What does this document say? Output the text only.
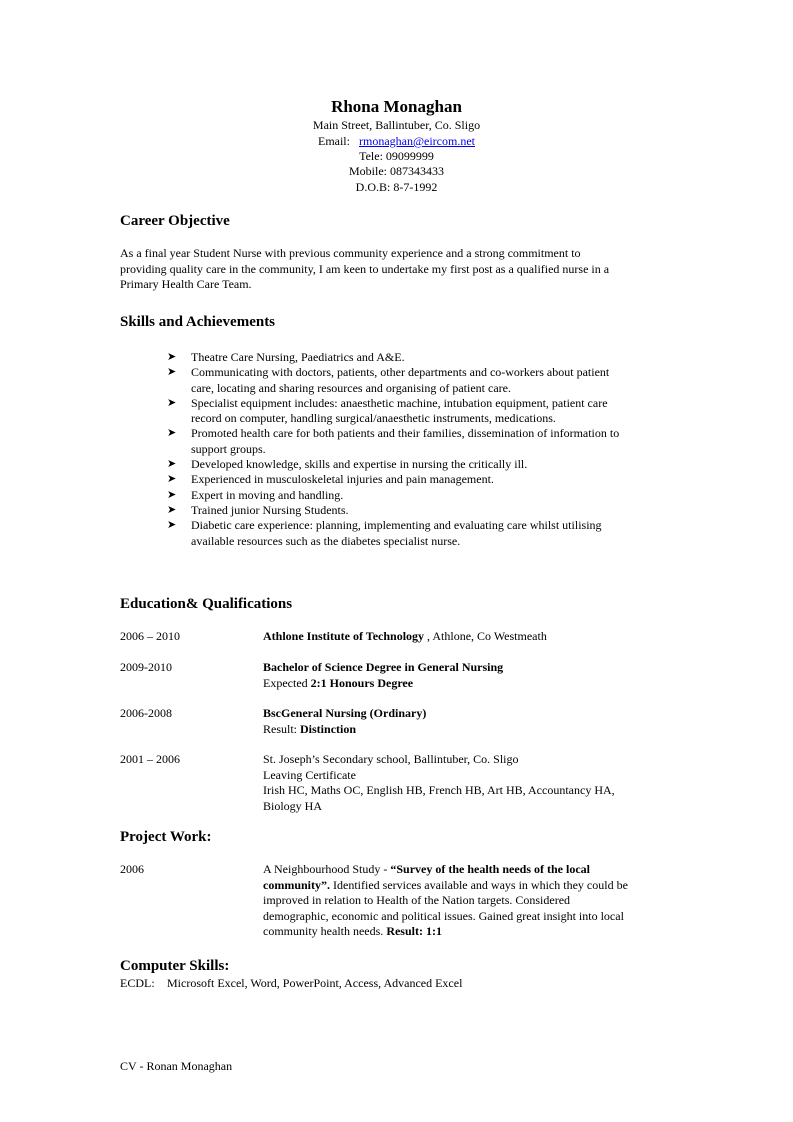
Rhona Monaghan
Main Street, Ballintuber, Co. Sligo
Email: rmonaghan@eircom.net
Tele: 09099999
Mobile: 087343433
D.O.B: 8-7-1992
Career Objective
As a final year Student Nurse with previous community experience and a strong commitment to
providing quality care in the community, I am keen to undertake my first post as a qualified nurse in a
Primary Health Care Team.
Skills and Achievements
➤ Theatre Care Nursing, Paediatrics and A&E.
➤ Communicating with doctors, patients, other departments and co-workers about patient
care, locating and sharing resources and organising of patient care.
➤ Specialist equipment includes: anaesthetic machine, intubation equipment, patient care
record on computer, handling surgical/anaesthetic instruments, medications.
➤ Promoted health care for both patients and their families, dissemination of information to
support groups.
➤ Developed knowledge, skills and expertise in nursing the critically ill.
➤ Experienced in musculoskeletal injuries and pain management.
➤ Expert in moving and handling.
➤ Trained junior Nursing Students.
➤ Diabetic care experience: planning, implementing and evaluating care whilst utilising
available resources such as the diabetes specialist nurse.
Education& Qualifications
2006 – 2010	Athlone Institute of Technology , Athlone, Co Westmeath
2009-2010	Bachelor of Science Degree in General Nursing
Expected 2:1 Honours Degree
2006-2008	BscGeneral Nursing (Ordinary)
Result: Distinction
2001 – 2006	St. Joseph’s Secondary school, Ballintuber, Co. Sligo
Leaving Certificate
Irish HC, Maths OC, English HB, French HB, Art HB, Accountancy HA,
Biology HA
Project Work:
2006	A Neighbourhood Study - “Survey of the health needs of the local
community”. Identified services available and ways in which they could be
improved in relation to Health of the Nation targets. Considered
demographic, economic and political issues. Gained great insight into local
community health needs. Result: 1:1
Computer Skills:
ECDL: Microsoft Excel, Word, PowerPoint, Access, Advanced Excel
CV - Ronan Monaghan
